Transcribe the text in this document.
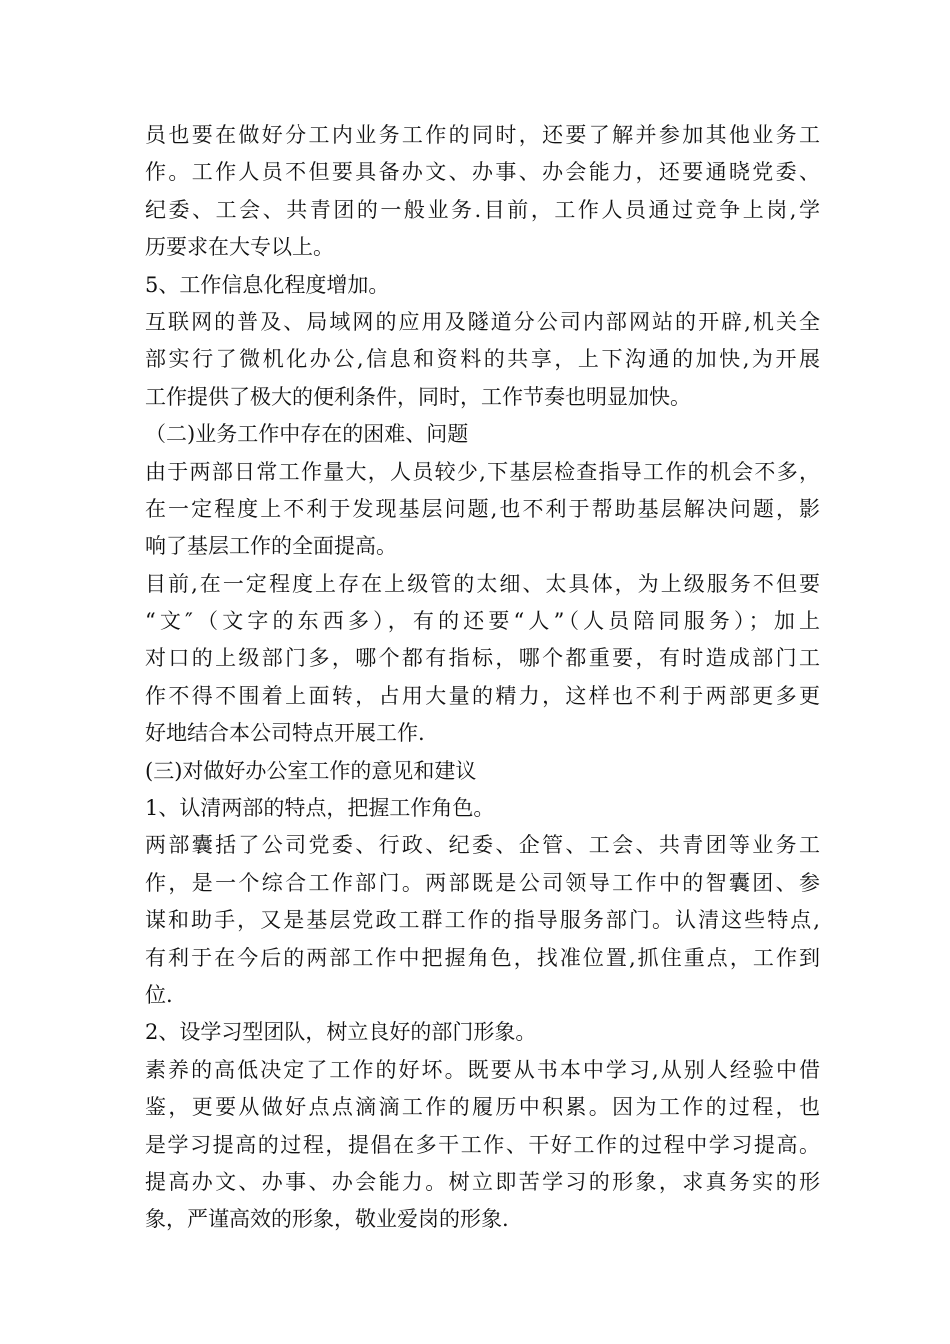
员也要在做好分工内业务工作的同时，还要了解并参加其他业务工
作。工作人员不但要具备办文、办事、办会能力，还要通晓党委、
纪委、工会、共青团的一般业务.目前，工作人员通过竞争上岗,学
历要求在大专以上。
5、工作信息化程度增加。
互联网的普及、局域网的应用及隧道分公司内部网站的开辟,机关全
部实行了微机化办公,信息和资料的共享，上下沟通的加快,为开展
工作提供了极大的便利条件，同时，工作节奏也明显加快。
（二)业务工作中存在的困难、问题
由于两部日常工作量大，人员较少,下基层检查指导工作的机会不多，
在一定程度上不利于发现基层问题,也不利于帮助基层解决问题，影
响了基层工作的全面提高。
目前,在一定程度上存在上级管的太细、太具体，为上级服务不但要
“文″（文字的东西多），有的还要“人”（人员陪同服务）；加上
对口的上级部门多，哪个都有指标，哪个都重要，有时造成部门工
作不得不围着上面转，占用大量的精力，这样也不利于两部更多更
好地结合本公司特点开展工作.
(三)对做好办公室工作的意见和建议
1、认清两部的特点，把握工作角色。
两部囊括了公司党委、行政、纪委、企管、工会、共青团等业务工
作，是一个综合工作部门。两部既是公司领导工作中的智囊团、参
谋和助手，又是基层党政工群工作的指导服务部门。认清这些特点,
有利于在今后的两部工作中把握角色，找准位置,抓住重点，工作到
位.
2、设学习型团队，树立良好的部门形象。
素养的高低决定了工作的好坏。既要从书本中学习,从别人经验中借
鉴，更要从做好点点滴滴工作的履历中积累。因为工作的过程，也
是学习提高的过程，提倡在多干工作、干好工作的过程中学习提高。
提高办文、办事、办会能力。树立即苦学习的形象，求真务实的形
象，严谨高效的形象，敬业爱岗的形象.
